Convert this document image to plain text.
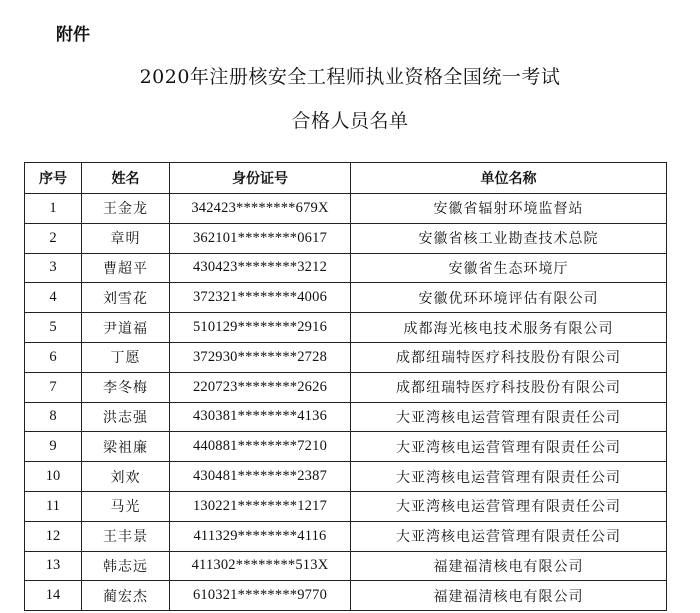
附件
2020年注册核安全工程师执业资格全国统一考试
合格人员名单
序号	姓名	身份证号	单位名称
1	王金龙	342423********679X	安徽省辐射环境监督站
2	章明	362101********0617	安徽省核工业勘查技术总院
3	曹超平	430423********3212	安徽省生态环境厅
4	刘雪花	372321********4006	安徽优环环境评估有限公司
5	尹道福	510129********2916	成都海光核电技术服务有限公司
6	丁愿	372930********2728	成都纽瑞特医疗科技股份有限公司
7	李冬梅	220723********2626	成都纽瑞特医疗科技股份有限公司
8	洪志强	430381********4136	大亚湾核电运营管理有限责任公司
9	梁祖廉	440881********7210	大亚湾核电运营管理有限责任公司
10	刘欢	430481********2387	大亚湾核电运营管理有限责任公司
11	马光	130221********1217	大亚湾核电运营管理有限责任公司
12	王丰景	411329********4116	大亚湾核电运营管理有限责任公司
13	韩志远	411302********513X	福建福清核电有限公司
14	蔺宏杰	610321********9770	福建福清核电有限公司
